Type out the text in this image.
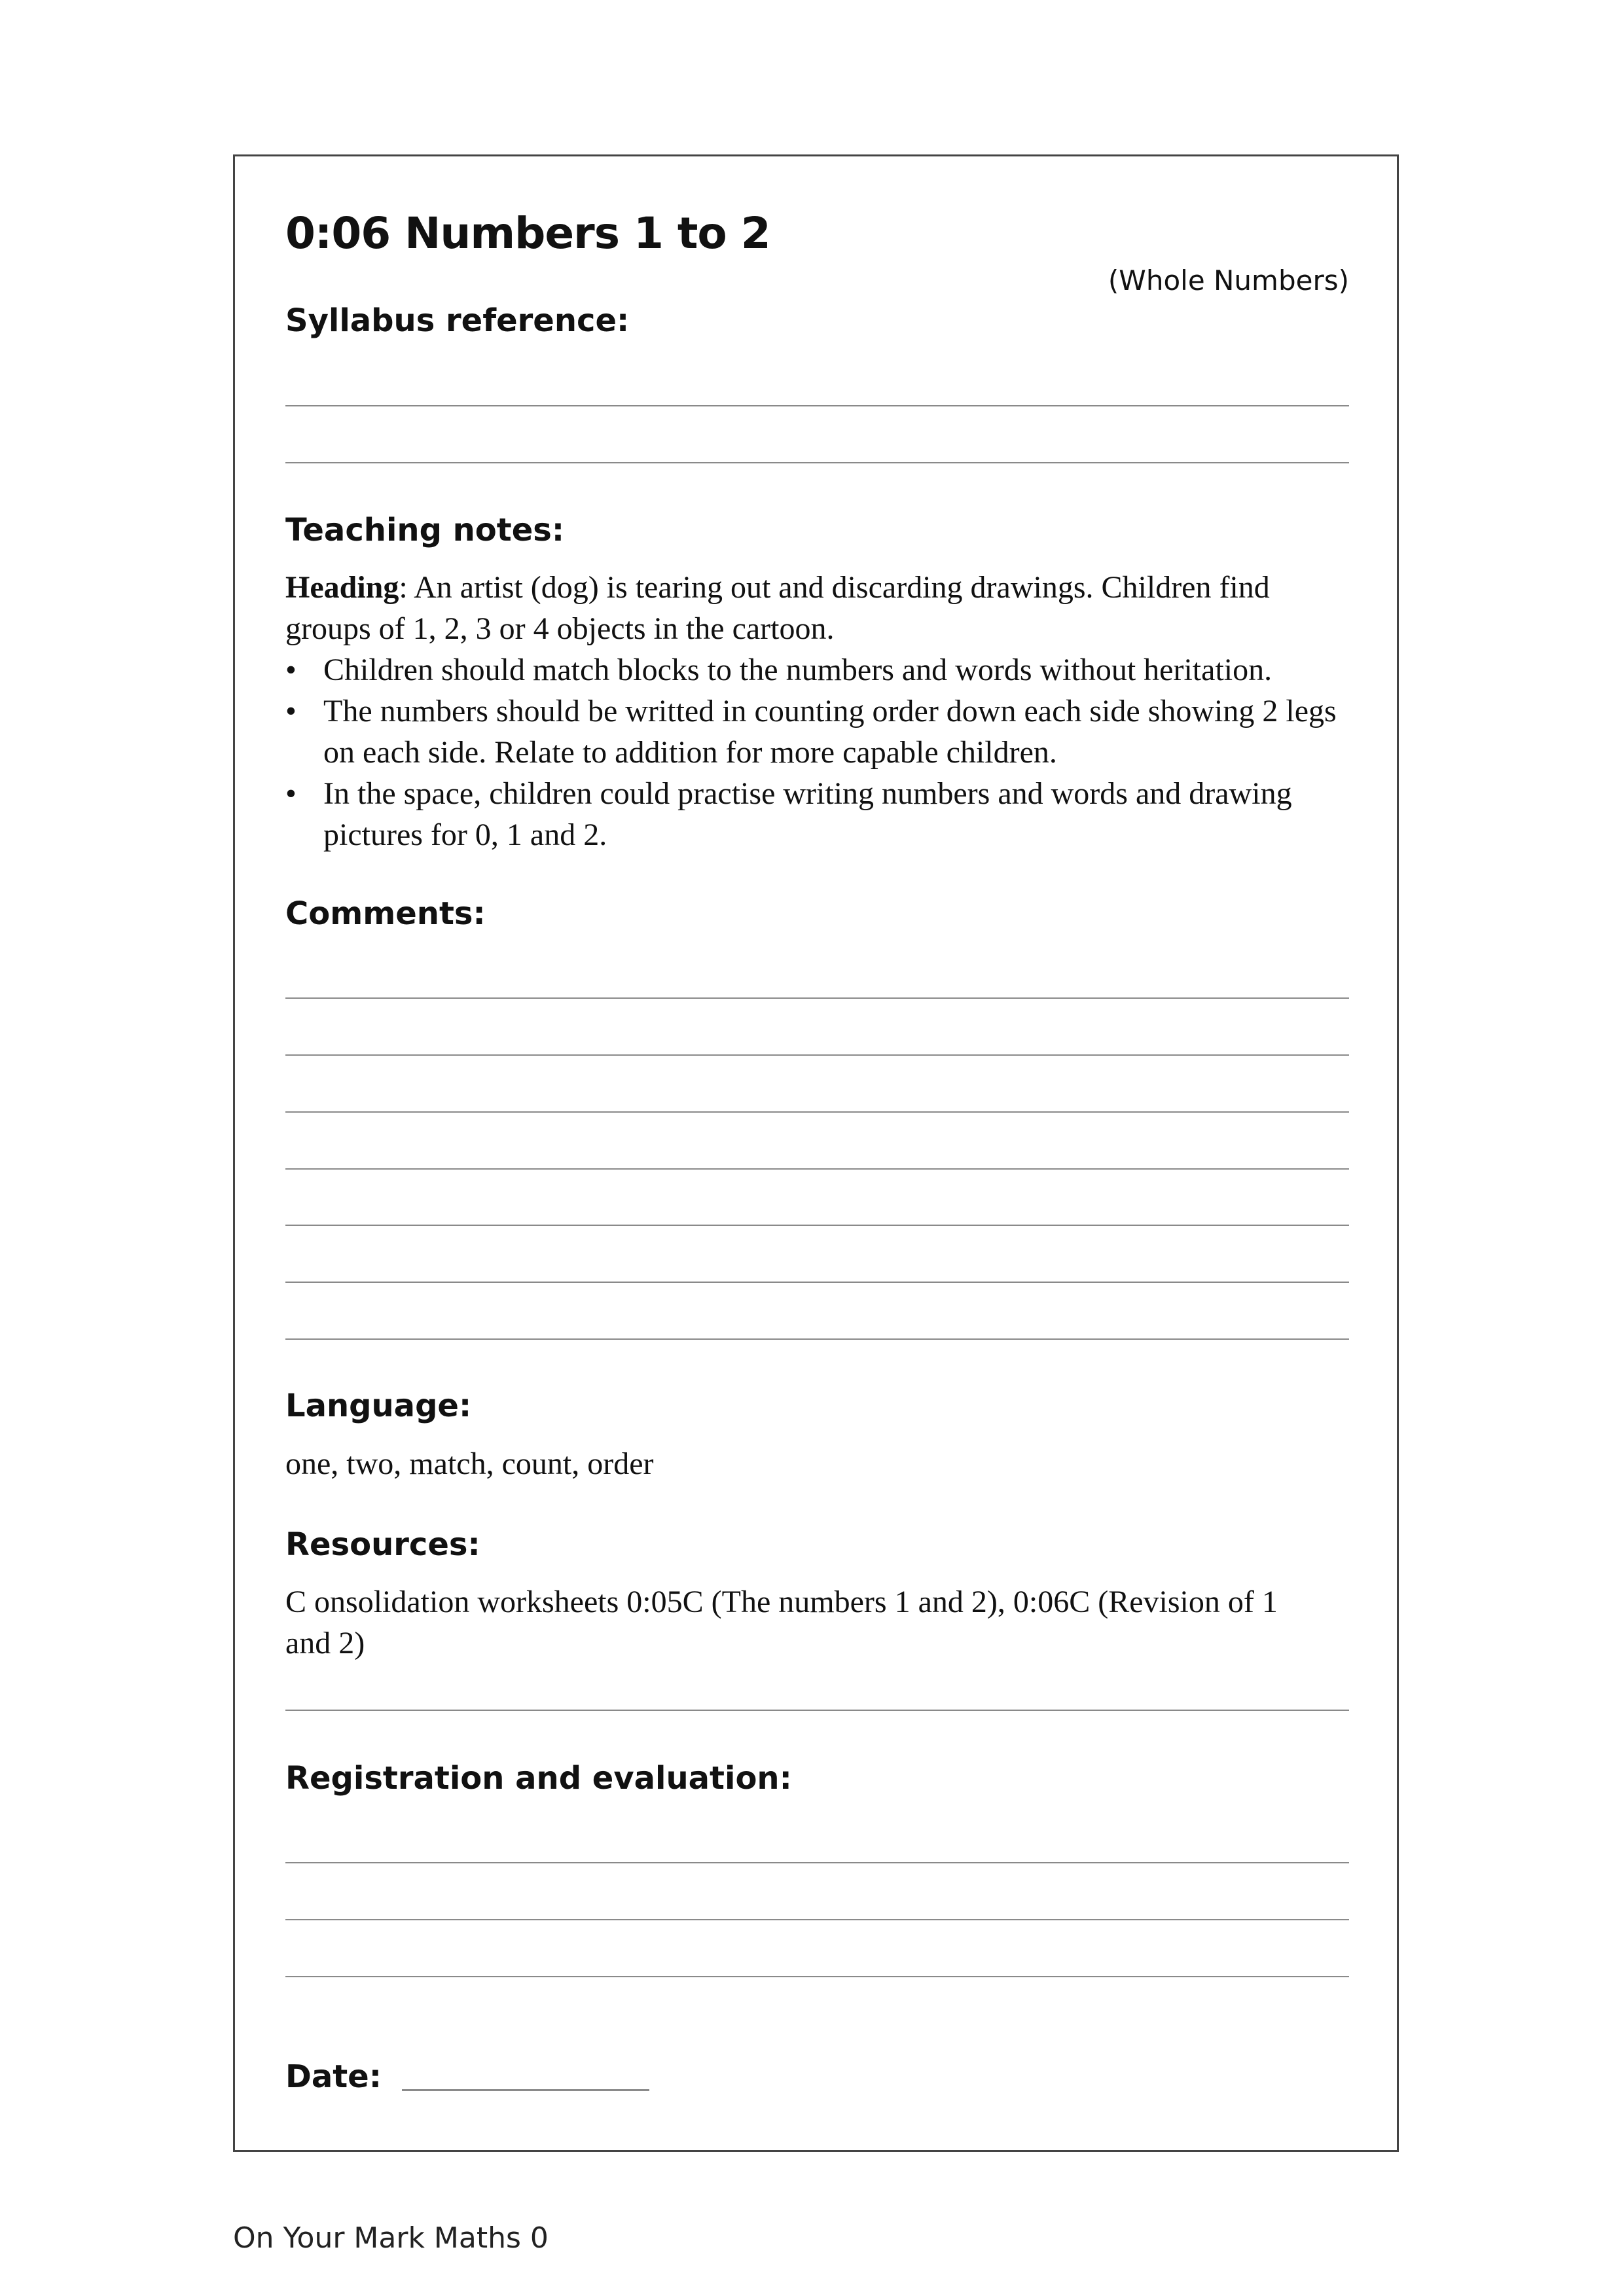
0:06 Numbers 1 to 2
(Whole Numbers)
Syllabus reference:
Teaching notes:
Heading: An artist (dog) is tearing out and discarding drawings. Children find groups of 1, 2, 3 or 4 objects in the cartoon.
• Children should match blocks to the numbers and words without heritation.
• The numbers should be writted in counting order down each side showing 2 legs on each side. Relate to addition for more capable children.
• In the space, children could practise writing numbers and words and drawing pictures for 0, 1 and 2.
Comments:
Language:
one, two, match, count, order
Resources:
C onsolidation worksheets 0:05C (The numbers 1 and 2), 0:06C (Revision of 1 and 2)
Registration and evaluation:
Date:
On Your Mark Maths 0
